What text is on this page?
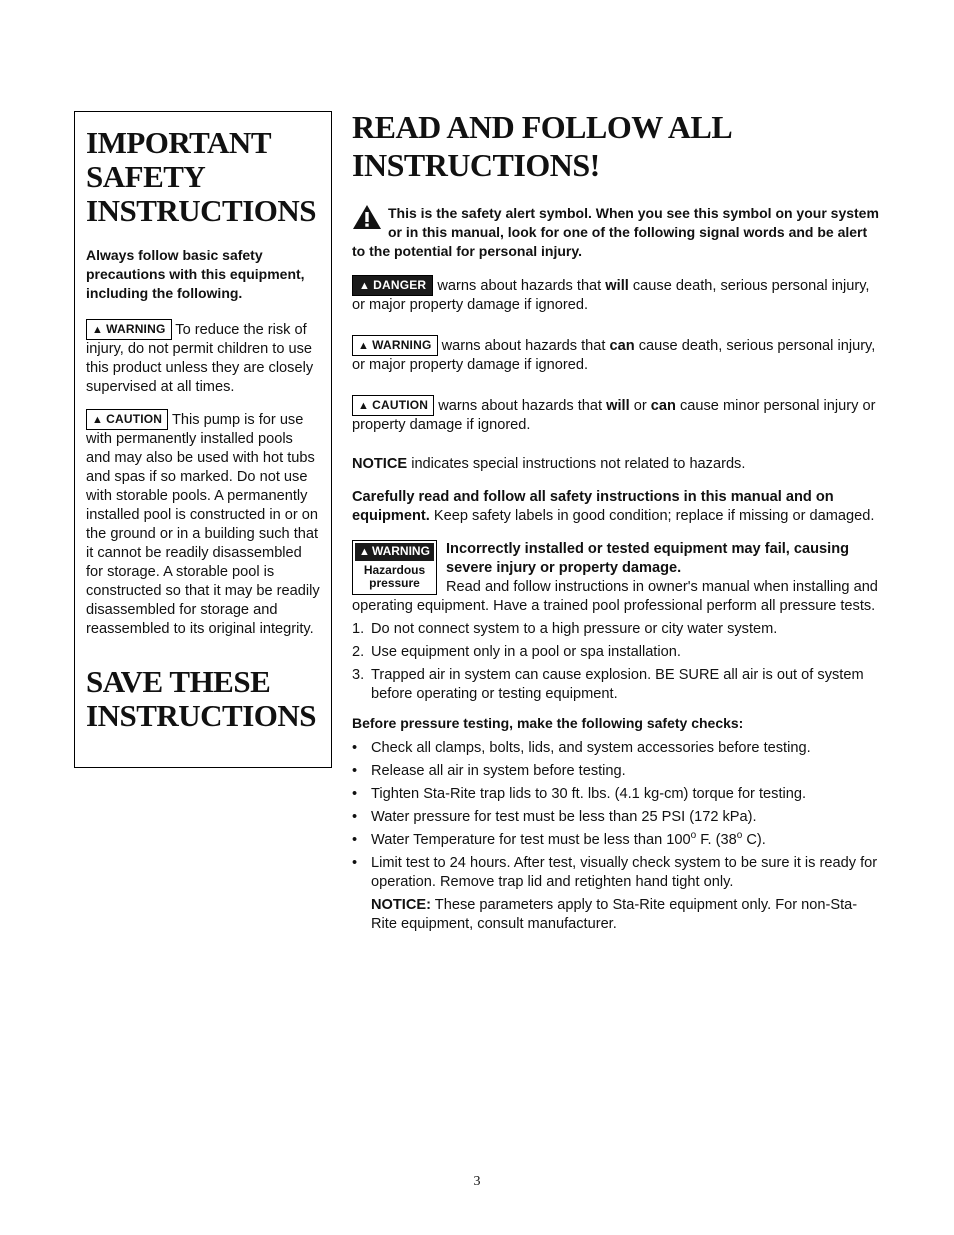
IMPORTANT SAFETY INSTRUCTIONS

Always follow basic safety precautions with this equipment, including the following.

▲ WARNING To reduce the risk of injury, do not permit children to use this product unless they are closely supervised at all times.

▲ CAUTION This pump is for use with permanently installed pools and may also be used with hot tubs and spas if so marked. Do not use with storable pools. A permanently installed pool is constructed in or on the ground or in a building such that it cannot be readily disassembled for storage. A storable pool is constructed so that it may be readily disassembled for storage and reassembled to its original integrity.

SAVE THESE INSTRUCTIONS
READ AND FOLLOW ALL INSTRUCTIONS!

This is the safety alert symbol. When you see this symbol on your system or in this manual, look for one of the following signal words and be alert to the potential for personal injury.

▲ DANGER warns about hazards that will cause death, serious personal injury, or major property damage if ignored.

▲ WARNING warns about hazards that can cause death, serious personal injury, or major property damage if ignored.

▲ CAUTION warns about hazards that will or can cause minor personal injury or property damage if ignored.

NOTICE indicates special instructions not related to hazards.

Carefully read and follow all safety instructions in this manual and on equipment. Keep safety labels in good condition; replace if missing or damaged.

▲ WARNING
Hazardous pressure

Incorrectly installed or tested equipment may fail, causing severe injury or property damage.
Read and follow instructions in owner's manual when installing and operating equipment. Have a trained pool professional perform all pressure tests.

1. Do not connect system to a high pressure or city water system.
2. Use equipment only in a pool or spa installation.
3. Trapped air in system can cause explosion. BE SURE all air is out of system before operating or testing equipment.

Before pressure testing, make the following safety checks:

• Check all clamps, bolts, lids, and system accessories before testing.
• Release all air in system before testing.
• Tighten Sta-Rite trap lids to 30 ft. lbs. (4.1 kg-cm) torque for testing.
• Water pressure for test must be less than 25 PSI (172 kPa).
• Water Temperature for test must be less than 100$^o$ F. (38$^o$ C).
• Limit test to 24 hours. After test, visually check system to be sure it is ready for operation. Remove trap lid and retighten hand tight only.

NOTICE: These parameters apply to Sta-Rite equipment only. For non-Sta-Rite equipment, consult manufacturer.

3
